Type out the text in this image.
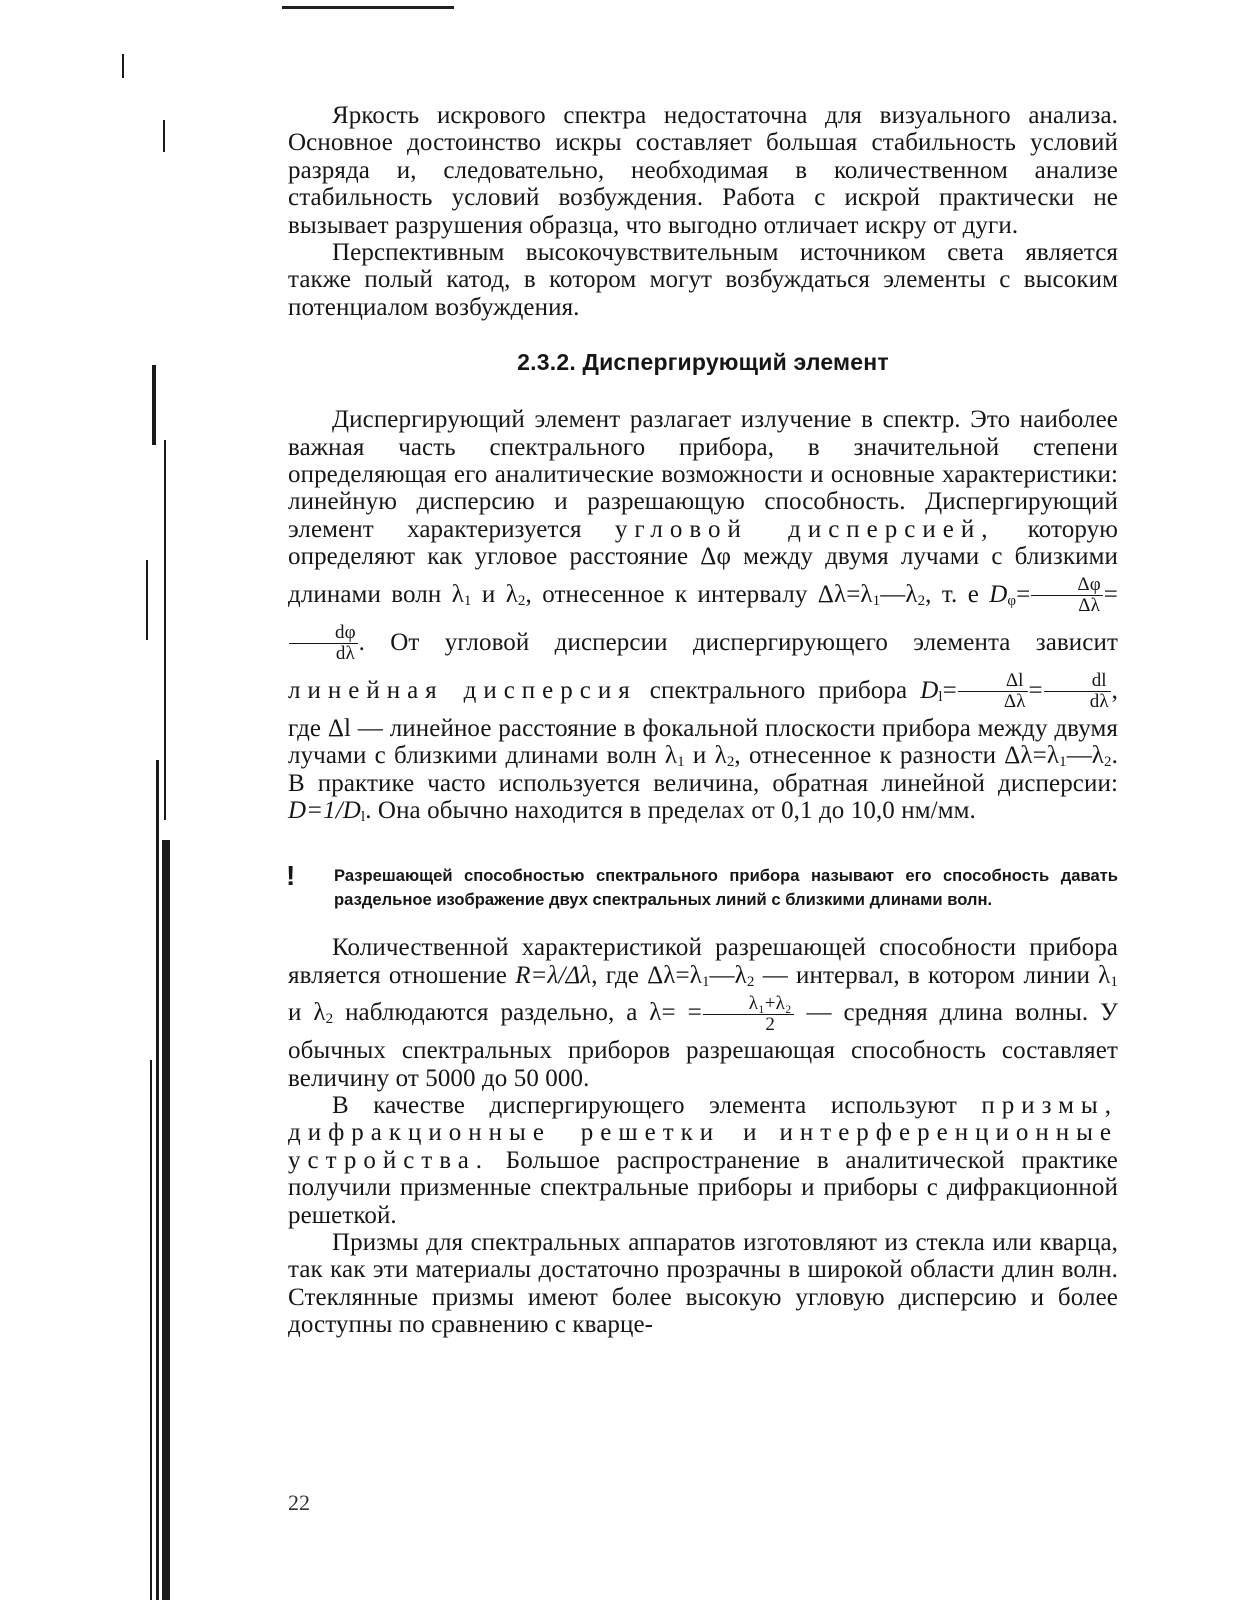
Яркость искрового спектра недостаточна для визуального анализа. Основное достоинство искры составляет большая стабильность условий разряда и, следовательно, необходимая в количественном анализе стабильность условий возбуждения. Работа с искрой практически не вызывает разрушения образца, что выгодно отличает искру от дуги.

Перспективным высокочувствительным источником света является также полый катод, в котором могут возбуждаться элементы с высоким потенциалом возбуждения.

2.3.2. Диспергирующий элемент

Диспергирующий элемент разлагает излучение в спектр. Это наиболее важная часть спектрального прибора, в значительной степени определяющая его аналитические возможности и основные характеристики: линейную дисперсию и разрешающую способность. Диспергирующий элемент характеризуется угловой дисперсией, которую определяют как угловое расстояние Δφ между двумя лучами с близкими длинами волн $\lambda_1$ и $\lambda_2$, отнесенное к интервалу $\Delta\lambda=\lambda_1—\lambda_2$, т. е $D_\varphi= \frac{\Delta\varphi}{\Delta\lambda}$ =
$\frac{d\varphi}{d\lambda}$ . От угловой дисперсии диспергирующего элемента зависит линейная дисперсия спектрального прибора $D_l= \frac{\Delta l}{\Delta\lambda} = \frac{dl}{d\lambda}$ , где Δl — линейное расстояние в фокальной плоскости прибора между двумя лучами с близкими длинами волн $\lambda_1$ и $\lambda_2$, отнесенное к разности $\Delta\lambda=\lambda_1—\lambda_2$. В практике часто используется величина, обратная линейной дисперсии: $D=1/D_l$. Она обычно находится в пределах от 0,1 до 10,0 нм/мм.

! Разрешающей способностью спектрального прибора называют его способность давать раздельное изображение двух спектральных линий с близкими длинами волн.

Количественной характеристикой разрешающей способности прибора является отношение R=λ/Δλ, где $\Delta\lambda=\lambda_1—\lambda_2$ — интервал, в котором линии $\lambda_1$ и $\lambda_2$ наблюдаются раздельно, а $\lambda= = \frac{\text{λ₁+λ₂}}{2}$ — средняя длина волны. У обычных спектральных приборов разрешающая способность составляет величину от 5000 до 50 000.

В качестве диспергирующего элемента используют призмы, дифракционные решетки и интерференционные устройства. Большое распространение в аналитической практике получили призменные спектральные приборы и приборы с дифракционной решеткой.

Призмы для спектральных аппаратов изготовляют из стекла или кварца, так как эти материалы достаточно прозрачны в широкой области длин волн. Стеклянные призмы имеют более высокую угловую дисперсию и более доступны по сравнению с кварце-

22
